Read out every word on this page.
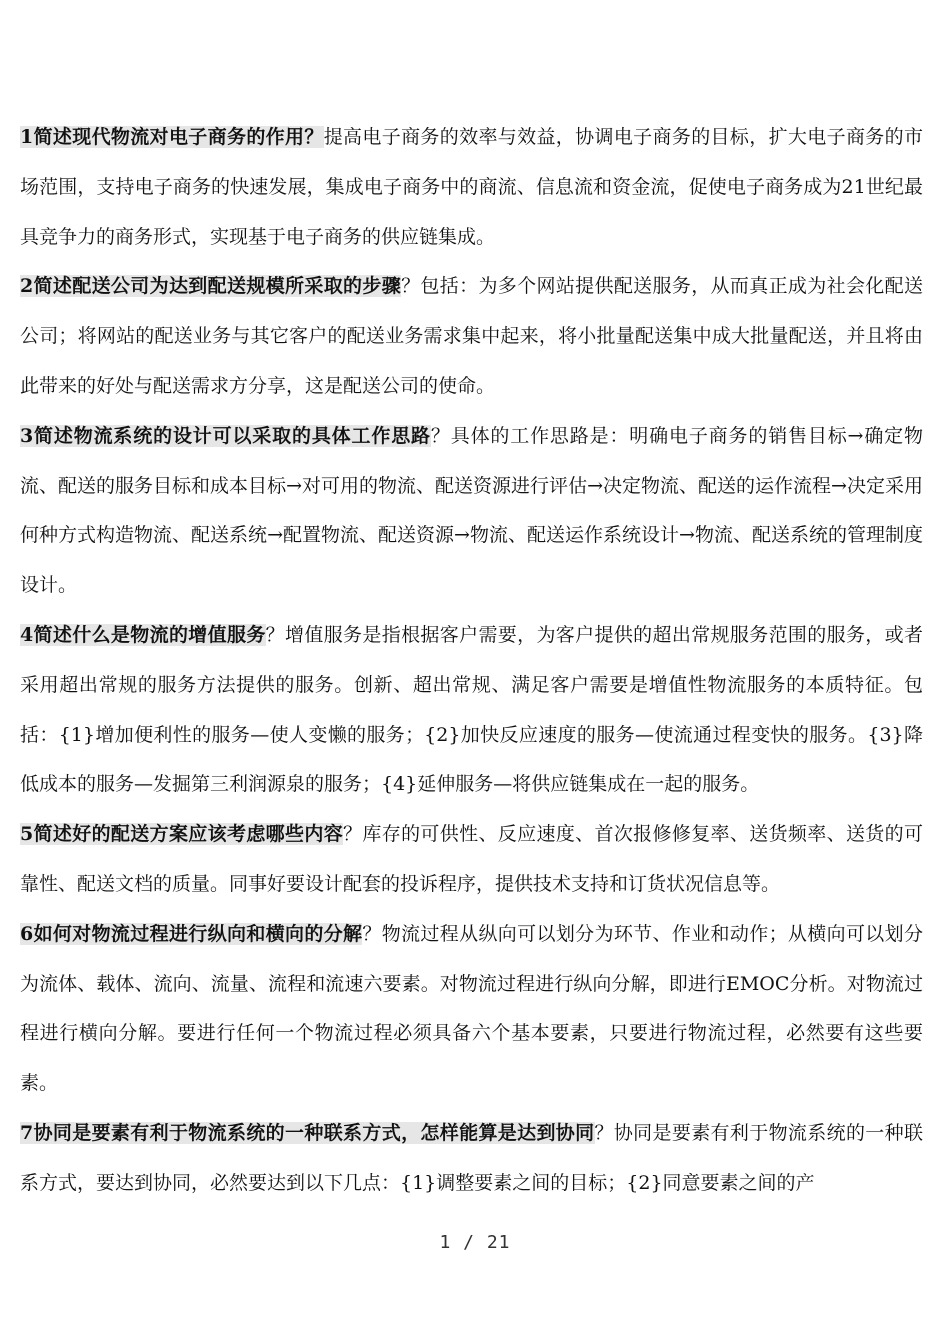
1简述现代物流对电子商务的作用？提高电子商务的效率与效益，协调电子商务的目标，扩大电子商务的市场范围，支持电子商务的快速发展，集成电子商务中的商流、信息流和资金流，促使电子商务成为21世纪最具竞争力的商务形式，实现基于电子商务的供应链集成。

2简述配送公司为达到配送规模所采取的步骤？包括：为多个网站提供配送服务，从而真正成为社会化配送公司；将网站的配送业务与其它客户的配送业务需求集中起来，将小批量配送集中成大批量配送，并且将由此带来的好处与配送需求方分享，这是配送公司的使命。

3简述物流系统的设计可以采取的具体工作思路？具体的工作思路是：明确电子商务的销售目标→确定物流、配送的服务目标和成本目标→对可用的物流、配送资源进行评估→决定物流、配送的运作流程→决定采用何种方式构造物流、配送系统→配置物流、配送资源→物流、配送运作系统设计→物流、配送系统的管理制度设计。

4简述什么是物流的增值服务？增值服务是指根据客户需要，为客户提供的超出常规服务范围的服务，或者采用超出常规的服务方法提供的服务。创新、超出常规、满足客户需要是增值性物流服务的本质特征。包括：{1}增加便利性的服务—使人变懒的服务；{2}加快反应速度的服务—使流通过程变快的服务。{3}降低成本的服务—发掘第三利润源泉的服务；{4}延伸服务—将供应链集成在一起的服务。

5简述好的配送方案应该考虑哪些内容？库存的可供性、反应速度、首次报修修复率、送货频率、送货的可靠性、配送文档的质量。同事好要设计配套的投诉程序，提供技术支持和订货状况信息等。

6如何对物流过程进行纵向和横向的分解？物流过程从纵向可以划分为环节、作业和动作；从横向可以划分为流体、载体、流向、流量、流程和流速六要素。对物流过程进行纵向分解，即进行EMOC分析。对物流过程进行横向分解。要进行任何一个物流过程必须具备六个基本要素，只要进行物流过程，必然要有这些要素。

7协同是要素有利于物流系统的一种联系方式，怎样能算是达到协同？协同是要素有利于物流系统的一种联系方式，要达到协同，必然要达到以下几点：{1}调整要素之间的目标；{2}同意要素之间的产

1 / 21
